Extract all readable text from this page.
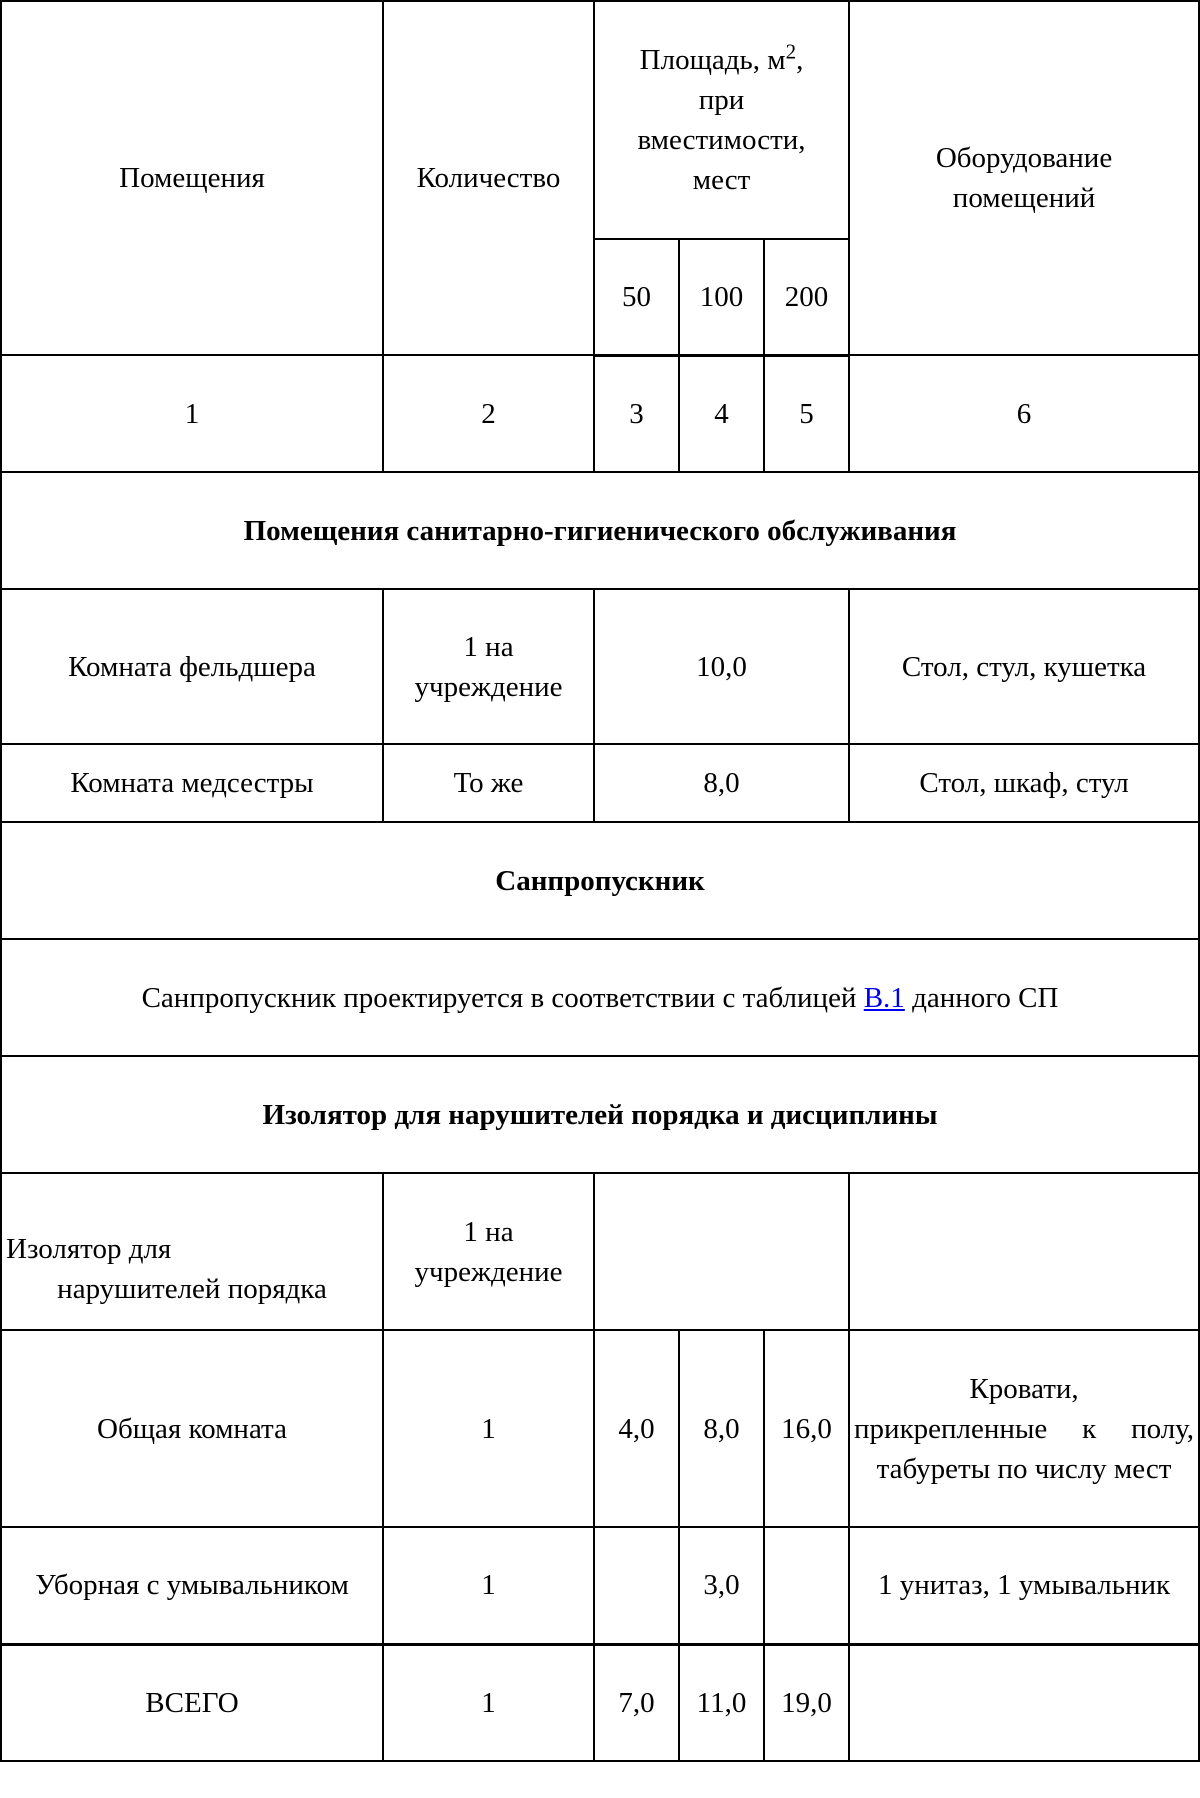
Помещения	Количество	Площадь, $м^2$,
при
вместимости,
мест			Оборудование
помещений

		50	100	200	
1	2	3	4	5	6
Помещения санитарно-гигиенического обслуживания					
Комната фельдшера	1 на
учреждение	10,0			Стол, стул, кушетка
Комната медсестры	То же	8,0			Стол, шкаф, стул
Санпропускник					
Санпропускник проектируется в соответствии с таблицей В.1 данного СП					
Изолятор для нарушителей порядка и дисциплины					

Изолятор для
нарушителей порядка	1 на
учреждение				

Общая комната	1	4,0	8,0	16,0	Кровати,
прикрепленные к полу,
табуреты по числу мест

Уборная с умывальником	1		3,0		1 унитаз, 1 умывальник
ВСЕГО	1	7,0	11,0	19,0	
